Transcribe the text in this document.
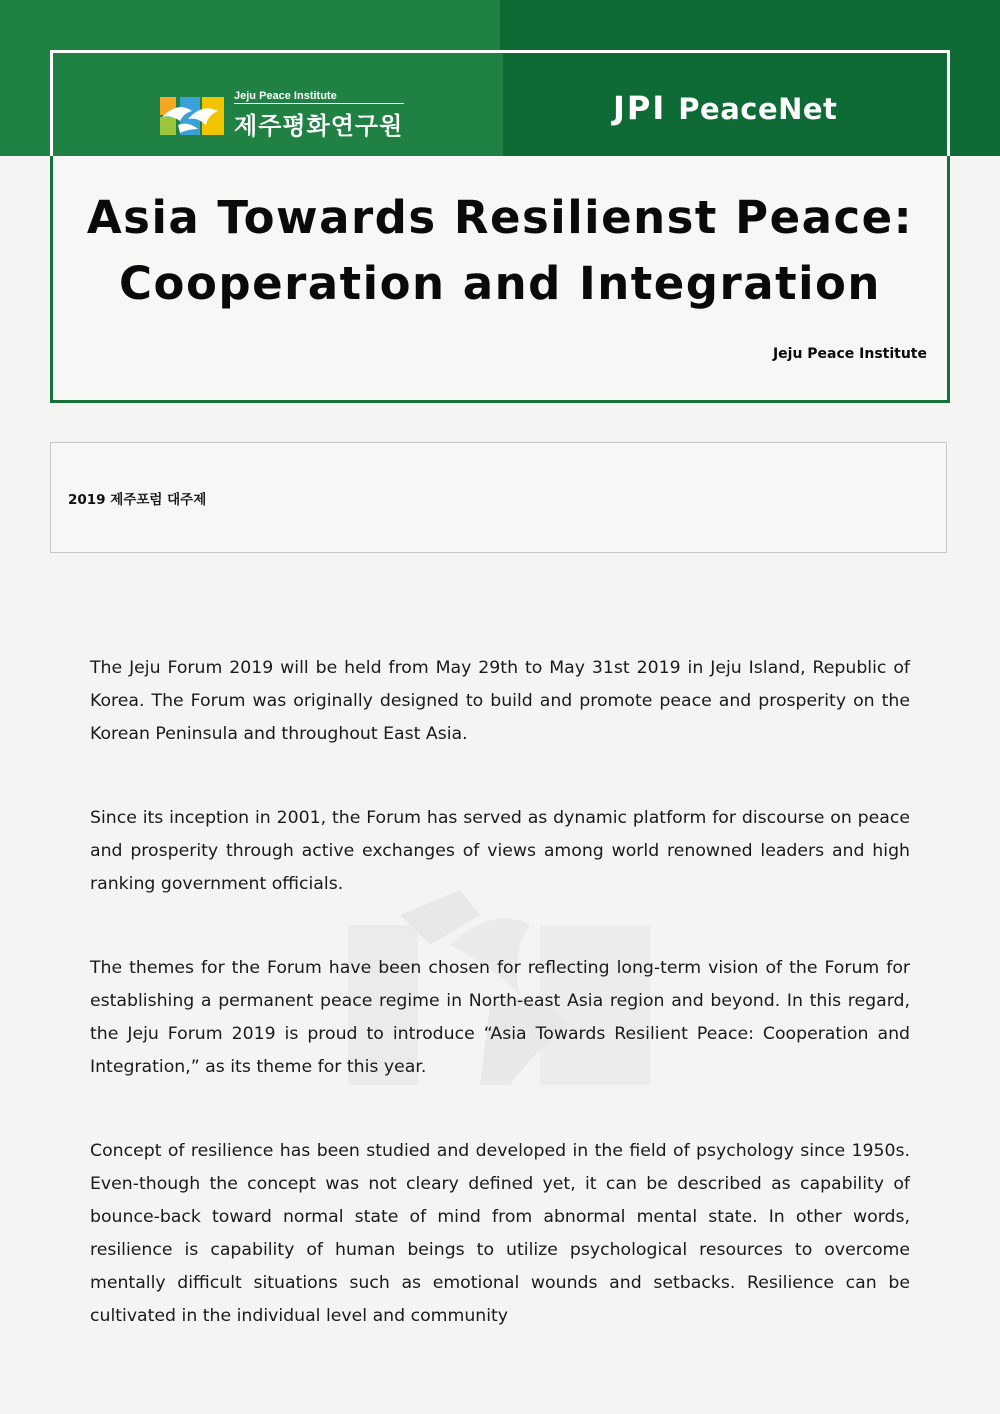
Jeju Peace Institute
제주평화연구원	JPI PeaceNet
Asia Towards Resilienst Peace:
Cooperation and Integration
Jeju Peace Institute
2019 제주포럼 대주제

The Jeju Forum 2019 will be held from May 29th to May 31st 2019 in Jeju Island, Republic of Korea. The Forum was originally designed to build and promote peace and prosperity on the Korean Peninsula and throughout East Asia.

Since its inception in 2001, the Forum has served as dynamic platform for discourse on peace and prosperity through active exchanges of views among world renowned leaders and high ranking government officials.

The themes for the Forum have been chosen for reflecting long-term vision of the Forum for establishing a permanent peace regime in North-east Asia region and beyond. In this regard, the Jeju Forum 2019 is proud to introduce “Asia Towards Resilient Peace: Cooperation and Integration,” as its theme for this year.

Concept of resilience has been studied and developed in the field of psychology since 1950s. Even-though the concept was not cleary defined yet, it can be described as capability of bounce-back toward normal state of mind from abnormal mental state. In other words, resilience is capability of human beings to utilize psychological resources to overcome mentally difficult situations such as emotional wounds and setbacks. Resilience can be cultivated in the individual level and community
